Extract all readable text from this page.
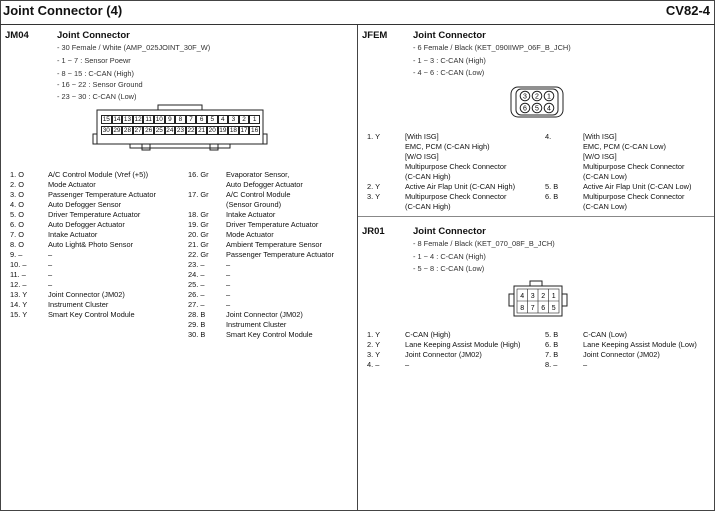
Joint Connector (4)	CV82-4
JM04	Joint Connector
- 30 Female / White (AMP_025JOINT_30F_W)
- 1 ~ 7 : Sensor Poewr
- 8 ~ 15 : C-CAN (High)
- 16 ~ 22 : Sensor Ground
- 23 ~ 30 : C-CAN (Low)
15 14 13 12 11 10 9	8	7	6	5	4	3	2	1
30 29 28 27 26 25 24 23 22 21 20 19 18 17 16
1. O	A/C Control Module (Vref (+5))
2. O	Mode Actuator
3. O	Passenger Temperature Actuator
4. O	Auto Defogger Sensor
5. O	Driver Temperature Actuator
6. O	Auto Defogger Actuator
7. O	Intake Actuator
8. O	Auto Light& Photo Sensor
9. –	–
10. –	–
11. –	–
12. –	–
13. Y	Joint Connector (JM02)
14. Y	Instrument Cluster
15. Y	Smart Key Control Module
16. Gr Evaporator Sensor,
Auto Defogger Actuator
17. Gr A/C Control Module
(Sensor Ground)
18. Gr Intake Actuator
19. Gr Driver Temperature Actuator
20. Gr Mode Actuator
21. Gr Ambient Temperature Sensor
22. Gr Passenger Temperature Actuator
23. –	–
24. –	–
25. –	–
26. –	–
27. –	–
28. B	Joint Connector (JM02)
29. B	Instrument Cluster
30. B	Smart Key Control Module
JFEM	Joint Connector
- 6 Female / Black (KET_090IIWP_06F_B_JCH)
- 1 ~ 3 : C-CAN (High)
- 4 ~ 6 : C-CAN (Low)
3 2 1
6 5 4
1. Y	[With ISG]
EMC, PCM (C-CAN High)
[W/O ISG]
Multipurpose Check Connector
(C-CAN High)
2. Y	Active Air Flap Unit (C-CAN High)
3. Y	Multipurpose Check Connector
(C-CAN High)
4.	[With ISG]
EMC, PCM (C-CAN Low)
[W/O ISG]
Multipurpose Check Connector
(C-CAN Low)
5. B	Active Air Flap Unit (C-CAN Low)
6. B	Multipurpose Check Connector
(C-CAN Low)
JR01	Joint Connector
- 8 Female / Black (KET_070_08F_B_JCH)
- 1 ~ 4 : C-CAN (High)
- 5 ~ 8 : C-CAN (Low)
4 3 2 1
8 7 6 5
1. Y	C-CAN (High)
2. Y	Lane Keeping Assist Module (High)
3. Y	Joint Connector (JM02)
4. –	–
5. B	C-CAN (Low)
6. B	Lane Keeping Assist Module (Low)
7. B	Joint Connector (JM02)
8. –	–
